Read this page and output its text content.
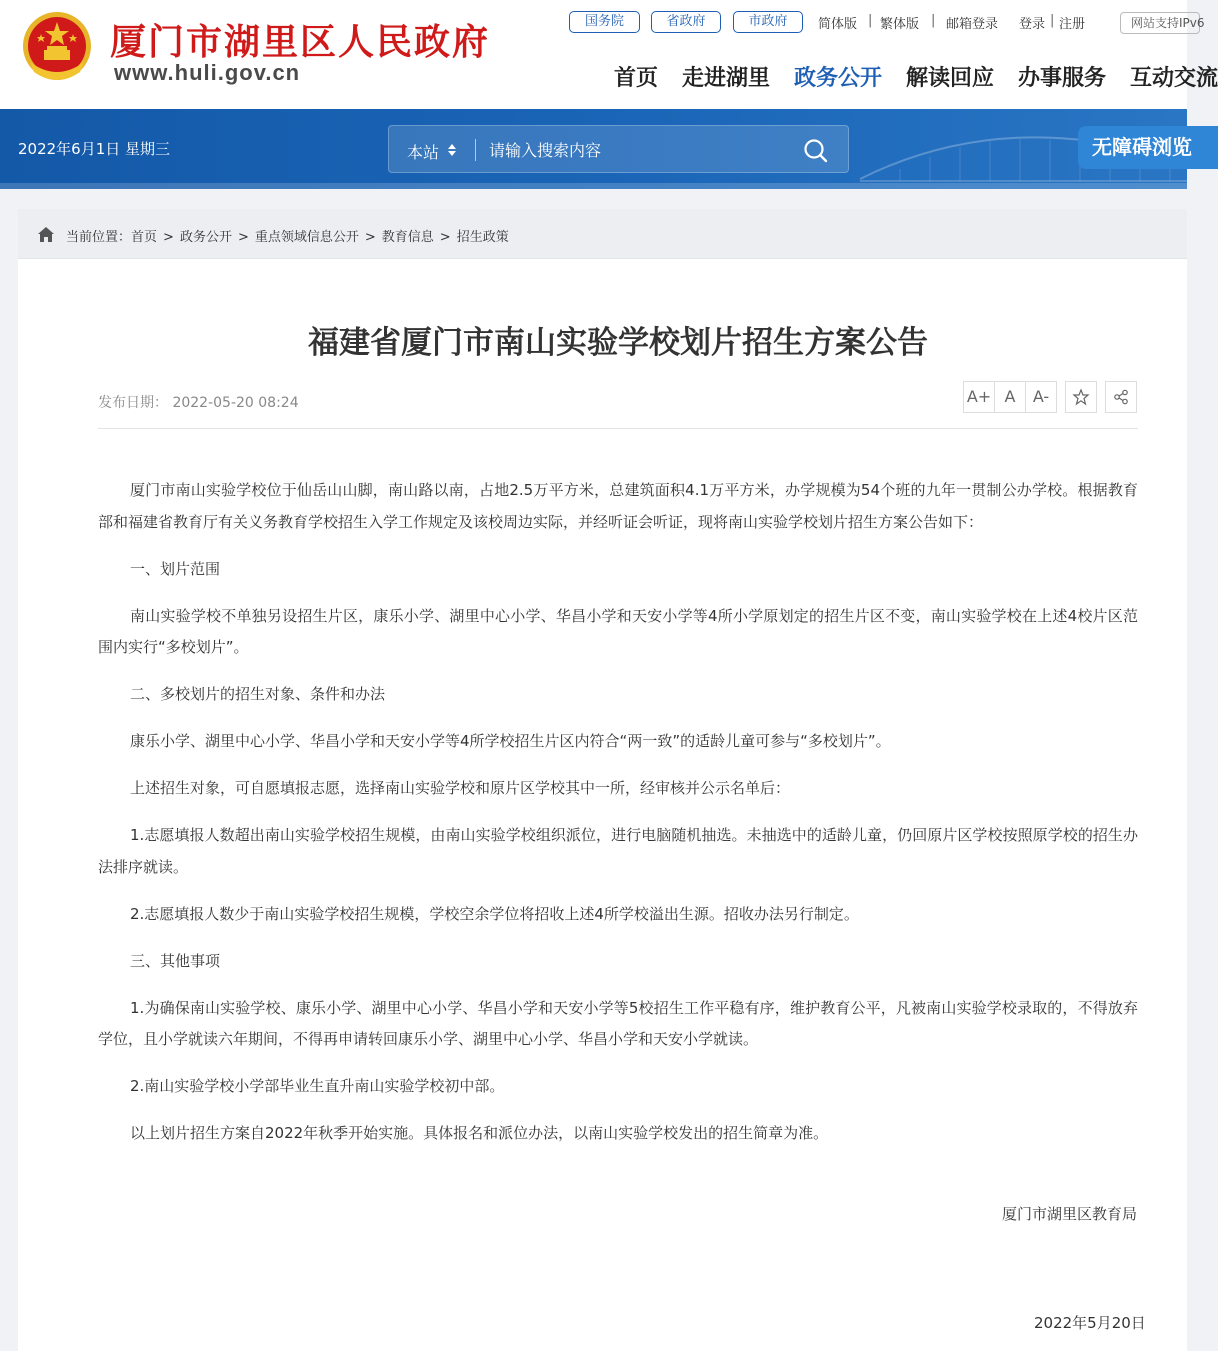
厦门市湖里区人民政府
www.huli.gov.cn
国务院	省政府	市政府	简体版 | 繁体版 | 邮箱登录 登录 | 注册	网站支持IPv6
首页 走进湖里 政务公开 解读回应 办事服务 互动交流
2022年6月1日 星期三	本站
请输入搜索内容	无障碍浏览
当前位置：首页 > 政务公开 > 重点领域信息公开 > 教育信息 > 招生政策
福建省厦门市南山实验学校划片招生方案公告
发布日期： 2022-05-20 08:24	A+ A	A-

厦门市南山实验学校位于仙岳山山脚，南山路以南，占地2.5万平方米，总建筑面积4.1万平方米，办学规模为54个班的九年一贯制公办学校。根据教育部和福建省教育厅有关义务教育学校招生入学工作规定及该校周边实际，并经听证会听证，现将南山实验学校划片招生方案公告如下：

一、划片范围

南山实验学校不单独另设招生片区，康乐小学、湖里中心小学、华昌小学和天安小学等4所小学原划定的招生片区不变，南山实验学校在上述4校片区范围内实行“多校划片”。

二、多校划片的招生对象、条件和办法

康乐小学、湖里中心小学、华昌小学和天安小学等4所学校招生片区内符合“两一致”的适龄儿童可参与“多校划片”。

上述招生对象，可自愿填报志愿，选择南山实验学校和原片区学校其中一所，经审核并公示名单后：

1.志愿填报人数超出南山实验学校招生规模，由南山实验学校组织派位，进行电脑随机抽选。未抽选中的适龄儿童，仍回原片区学校按照原学校的招生办法排序就读。

2.志愿填报人数少于南山实验学校招生规模，学校空余学位将招收上述4所学校溢出生源。招收办法另行制定。

三、其他事项

1.为确保南山实验学校、康乐小学、湖里中心小学、华昌小学和天安小学等5校招生工作平稳有序，维护教育公平，凡被南山实验学校录取的，不得放弃学位，且小学就读六年期间，不得再申请转回康乐小学、湖里中心小学、华昌小学和天安小学就读。

2.南山实验学校小学部毕业生直升南山实验学校初中部。

以上划片招生方案自2022年秋季开始实施。具体报名和派位办法，以南山实验学校发出的招生简章为准。

厦门市湖里区教育局
2022年5月20日
